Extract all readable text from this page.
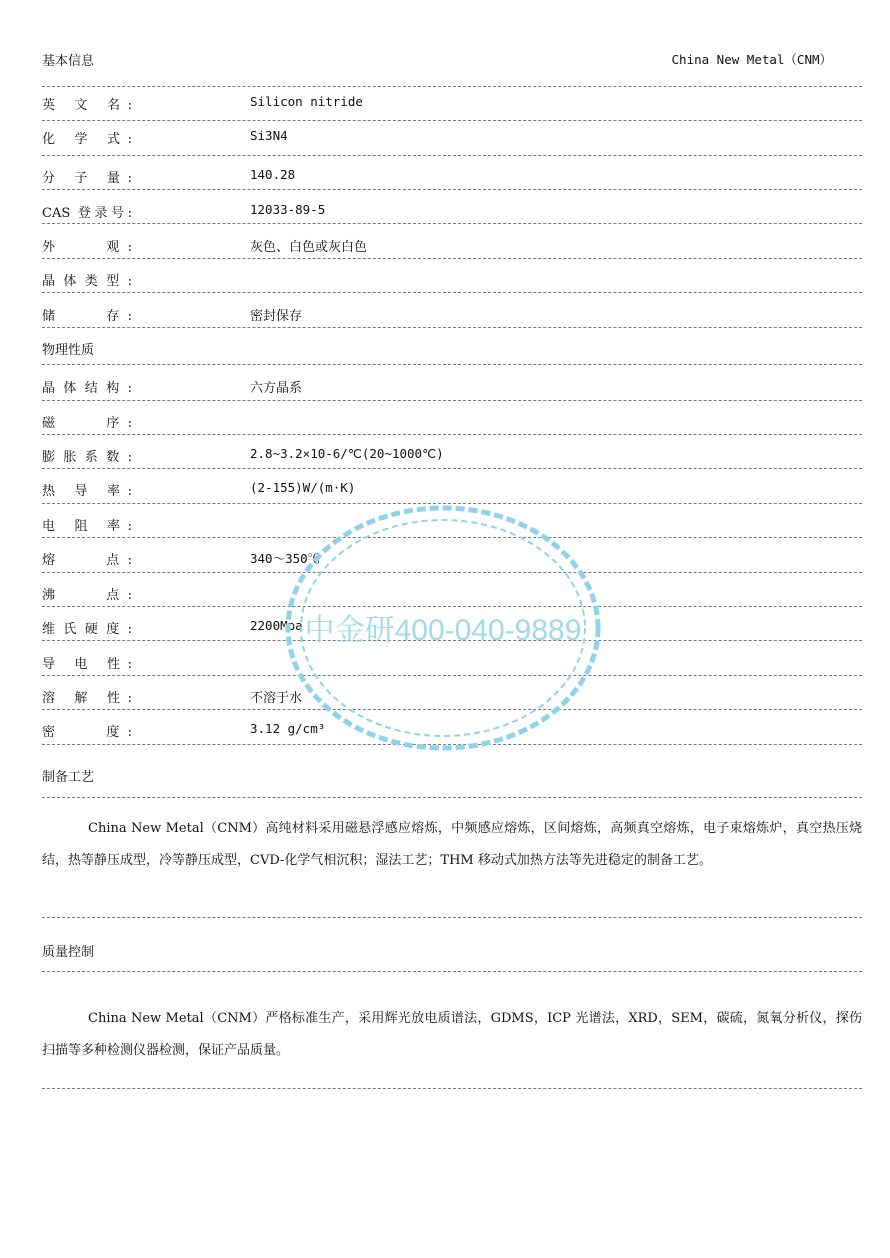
基本信息	China New Metal（CNM）
英 文 名:	Silicon nitride
化 学 式:	Si3N4
分 子 量:	140.28
CAS 登录号:	12033-89-5
外　　观:	灰色、白色或灰白色
晶体类型:
储　　存:	密封保存
物理性质
晶体结构:	六方晶系
磁　　序:
膨胀系数:	2.8~3.2×10-6/℃(20~1000℃)
热 导 率:	(2-155)W/(m·K)
电 阻 率:
熔　　点:	340～350℃
沸　　点:
维氏硬度:	2200Mpa
导 电 性:
溶 解 性:	不溶于水
密　　度:	3.12 g/cm³
制备工艺
China New Metal（CNM）高纯材料采用磁悬浮感应熔炼，中频感应熔炼，区间熔炼，高频真空熔炼，电子束熔炼炉，真空热压烧结，热等静压成型，冷等静压成型，CVD-化学气相沉积；湿法工艺；THM 移动式加热方法等先进稳定的制备工艺。
质量控制
China New Metal（CNM）严格标准生产，采用辉光放电质谱法，GDMS，ICP 光谱法，XRD，SEM，碳硫，氮氧分析仪，探伤扫描等多种检测仪器检测，保证产品质量。
中金研400-040-9889
